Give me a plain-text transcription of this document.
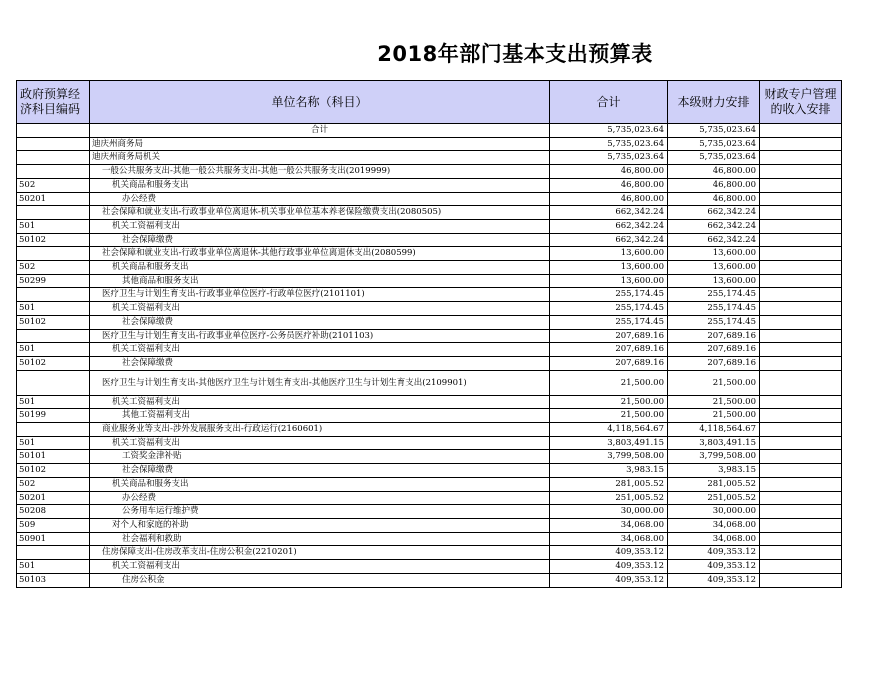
2018年部门基本支出预算表
政府预算经济科目编码	单位名称（科目）	合计	本级财力安排	财政专户管理的收入安排
	合计	5,735,023.64	5,735,023.64	
	迪庆州商务局	5,735,023.64	5,735,023.64	
	迪庆州商务局机关	5,735,023.64	5,735,023.64	
	一般公共服务支出-其他一般公共服务支出-其他一般公共服务支出(2019999)	46,800.00	46,800.00	
502	机关商品和服务支出	46,800.00	46,800.00	
50201	办公经费	46,800.00	46,800.00	
	社会保障和就业支出-行政事业单位离退休-机关事业单位基本养老保险缴费支出(2080505)	662,342.24	662,342.24	
501	机关工资福利支出	662,342.24	662,342.24	
50102	社会保障缴费	662,342.24	662,342.24	
	社会保障和就业支出-行政事业单位离退休-其他行政事业单位离退休支出(2080599)	13,600.00	13,600.00	
502	机关商品和服务支出	13,600.00	13,600.00	
50299	其他商品和服务支出	13,600.00	13,600.00	
	医疗卫生与计划生育支出-行政事业单位医疗-行政单位医疗(2101101)	255,174.45	255,174.45	
501	机关工资福利支出	255,174.45	255,174.45	
50102	社会保障缴费	255,174.45	255,174.45	
	医疗卫生与计划生育支出-行政事业单位医疗-公务员医疗补助(2101103)	207,689.16	207,689.16	
501	机关工资福利支出	207,689.16	207,689.16	
50102	社会保障缴费	207,689.16	207,689.16	
	医疗卫生与计划生育支出-其他医疗卫生与计划生育支出-其他医疗卫生与计划生育支出(2109901)	21,500.00	21,500.00	
501	机关工资福利支出	21,500.00	21,500.00	
50199	其他工资福利支出	21,500.00	21,500.00	
	商业服务业等支出-涉外发展服务支出-行政运行(2160601)	4,118,564.67	4,118,564.67	
501	机关工资福利支出	3,803,491.15	3,803,491.15	
50101	工资奖金津补贴	3,799,508.00	3,799,508.00	
50102	社会保障缴费	3,983.15	3,983.15	
502	机关商品和服务支出	281,005.52	281,005.52	
50201	办公经费	251,005.52	251,005.52	
50208	公务用车运行维护费	30,000.00	30,000.00	
509	对个人和家庭的补助	34,068.00	34,068.00	
50901	社会福利和救助	34,068.00	34,068.00	
	住房保障支出-住房改革支出-住房公积金(2210201)	409,353.12	409,353.12	
501	机关工资福利支出	409,353.12	409,353.12	
50103	住房公积金	409,353.12	409,353.12	
